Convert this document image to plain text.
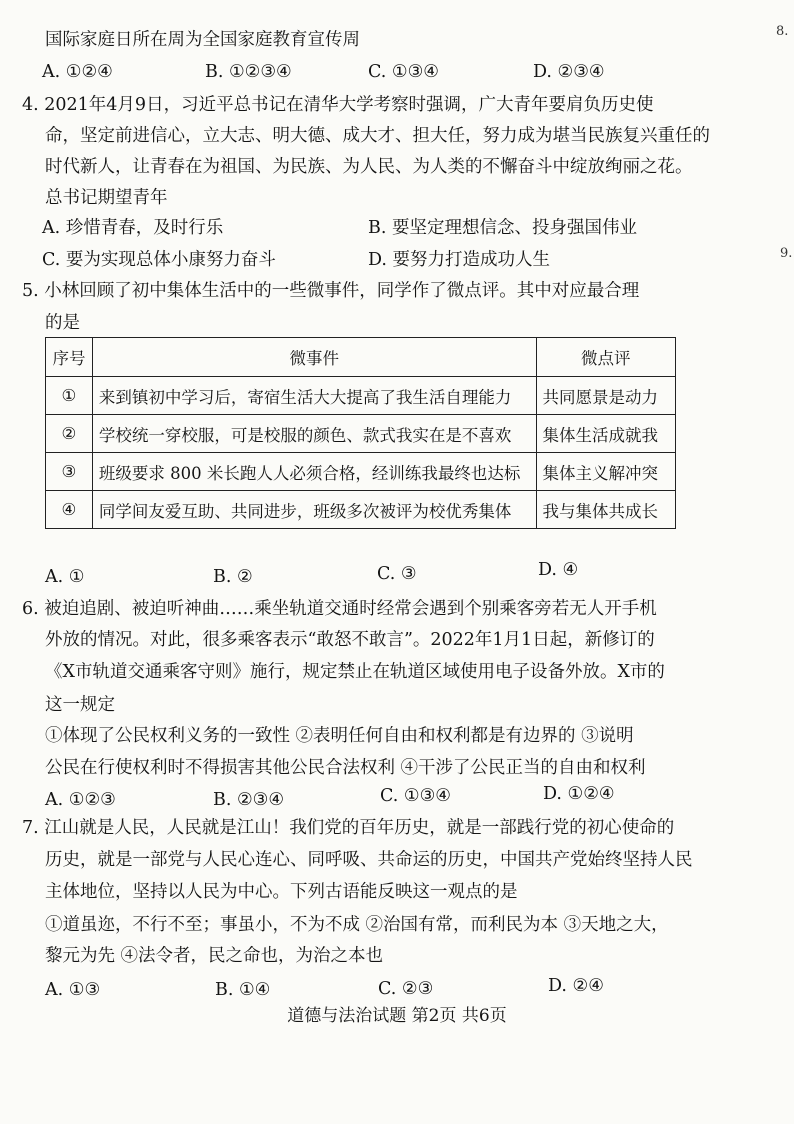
8.
9.
国际家庭日所在周为全国家庭教育宣传周
A. ①②④	B. ①②③④	C. ①③④	D. ②③④
4. 2021年4月9日，习近平总书记在清华大学考察时强调，广大青年要肩负历史使
命，坚定前进信心，立大志、明大德、成大才、担大任，努力成为堪当民族复兴重任的
时代新人，让青春在为祖国、为民族、为人民、为人类的不懈奋斗中绽放绚丽之花。
总书记期望青年
A. 珍惜青春，及时行乐	B. 要坚定理想信念、投身强国伟业
C. 要为实现总体小康努力奋斗	D. 要努力打造成功人生
5. 小林回顾了初中集体生活中的一些微事件，同学作了微点评。其中对应最合理
的是
序号	微事件	微点评
①	来到镇初中学习后，寄宿生活大大提高了我生活自理能力	共同愿景是动力
②	学校统一穿校服，可是校服的颜色、款式我实在是不喜欢	集体生活成就我
③	班级要求 800 米长跑人人必须合格，经训练我最终也达标	集体主义解冲突
④	同学间友爱互助、共同进步，班级多次被评为校优秀集体	我与集体共成长
A. ①	B. ②	C. ③	D. ④
6. 被迫追剧、被迫听神曲……乘坐轨道交通时经常会遇到个别乘客旁若无人开手机
外放的情况。对此，很多乘客表示“敢怒不敢言”。2022年1月1日起，新修订的
《X市轨道交通乘客守则》施行，规定禁止在轨道区域使用电子设备外放。X市的
这一规定
①体现了公民权利义务的一致性 ②表明任何自由和权利都是有边界的 ③说明
公民在行使权利时不得损害其他公民合法权利 ④干涉了公民正当的自由和权利
A. ①②③	B. ②③④	C. ①③④	D. ①②④
7. 江山就是人民，人民就是江山！我们党的百年历史，就是一部践行党的初心使命的
历史，就是一部党与人民心连心、同呼吸、共命运的历史，中国共产党始终坚持人民
主体地位，坚持以人民为中心。下列古语能反映这一观点的是
①道虽迩，不行不至；事虽小，不为不成 ②治国有常，而利民为本 ③天地之大，
黎元为先 ④法令者，民之命也，为治之本也
A. ①③	B. ①④	C. ②③	D. ②④
道德与法治试题 第2页 共6页
